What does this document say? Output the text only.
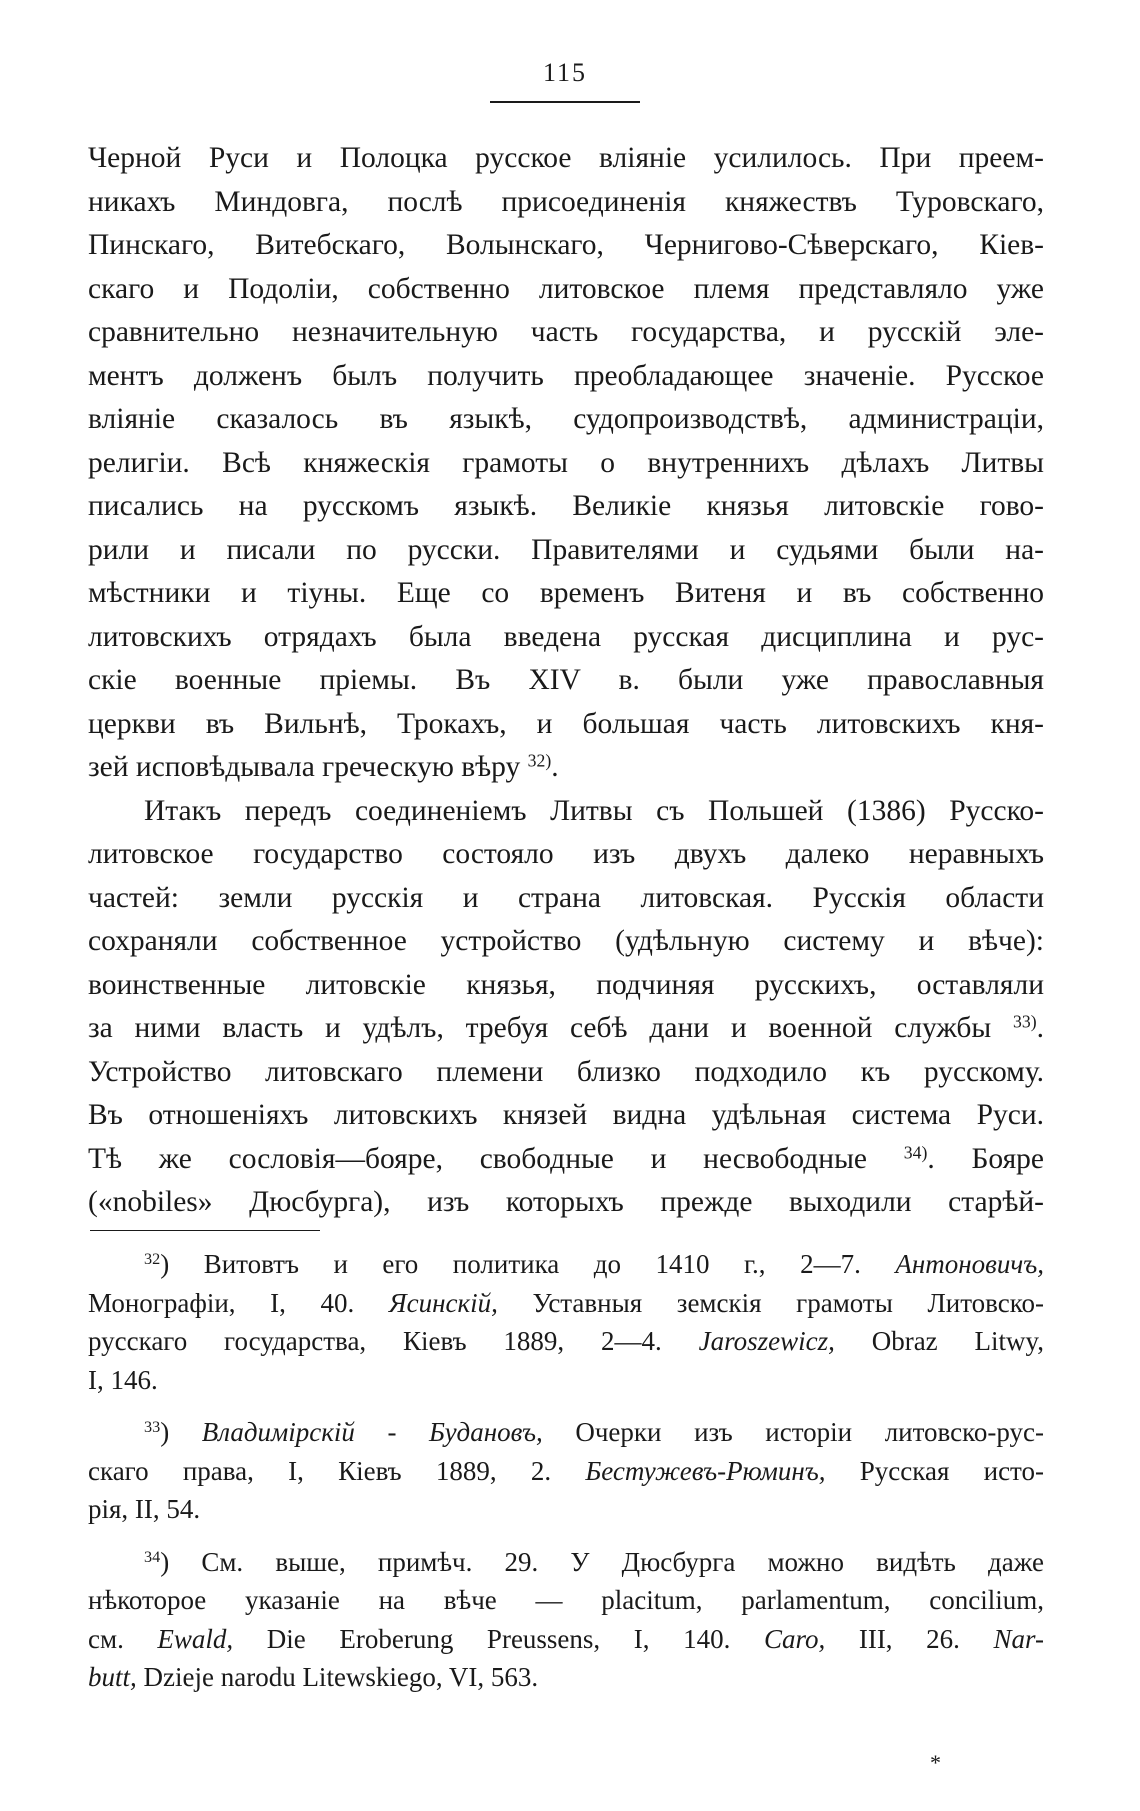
115
Черной Руси и Полоцка русское вліяніе усилилось. При преем-
никахъ Миндовга, послѣ присоединенія княжествъ Туровскаго,
Пинскаго, Витебскаго, Волынскаго, Чернигово-Сѣверскаго, Кіев-
скаго и Подоліи, собственно литовское племя представляло уже
сравнительно незначительную часть государства, и русскій эле-
ментъ долженъ былъ получить преобладающее значеніе. Русское
вліяніе сказалось въ языкѣ, судопроизводствѣ, администраціи,
религіи. Всѣ княжескія грамоты о внутреннихъ дѣлахъ Литвы
писались на русскомъ языкѣ. Великіе князья литовскіе гово-
рили и писали по русски. Правителями и судьями были на-
мѣстники и тіуны. Еще со временъ Витеня и въ собственно
литовскихъ отрядахъ была введена русская дисциплина и рус-
скіе военные пріемы. Въ XIV в. были уже православныя
церкви въ Вильнѣ, Трокахъ, и большая часть литовскихъ кня-
зей исповѣдывала греческую вѣру $^{32)}$.
Итакъ передъ соединеніемъ Литвы съ Польшей (1386) Русско-
литовское государство состояло изъ двухъ далеко неравныхъ
частей: земли русскія и страна литовская. Русскія области
сохраняли собственное устройство (удѣльную систему и вѣче):
воинственные литовскіе князья, подчиняя русскихъ, оставляли
за ними власть и удѣлъ, требуя себѣ дани и военной службы $^{33)}$.
Устройство литовскаго племени близко подходило къ русскому.
Въ отношеніяхъ литовскихъ князей видна удѣльная система Руси.
Тѣ же сословія—бояре, свободные и несвободные $^{34)}$. Бояре
(«nobiles» Дюсбурга), изъ которыхъ прежде выходили старѣй-
$^{32}$) Витовтъ и его политика до 1410 г., 2—7. Антоновичъ,
Монографіи, I, 40. Ясинскій, Уставныя земскія грамоты Литовско-
русскаго государства, Кіевъ 1889, 2—4. Jaroszewicz, Obraz Litwy,
I, 146.
$^{33}$) Владимірскій - Будановъ, Очерки изъ исторіи литовско-рус-
скаго права, I, Кіевъ 1889, 2. Бестужевъ-Рюминъ, Русская исто-
рія, II, 54.
$^{34}$) См. выше, примѣч. 29. У Дюсбурга можно видѣть даже
нѣкоторое указаніе на вѣче — placitum, parlamentum, concilium,
см. Ewald, Die Eroberung Preussens, I, 140. Caro, III, 26. Nar-
butt, Dzieje narodu Litewskiego, VI, 563.
*
